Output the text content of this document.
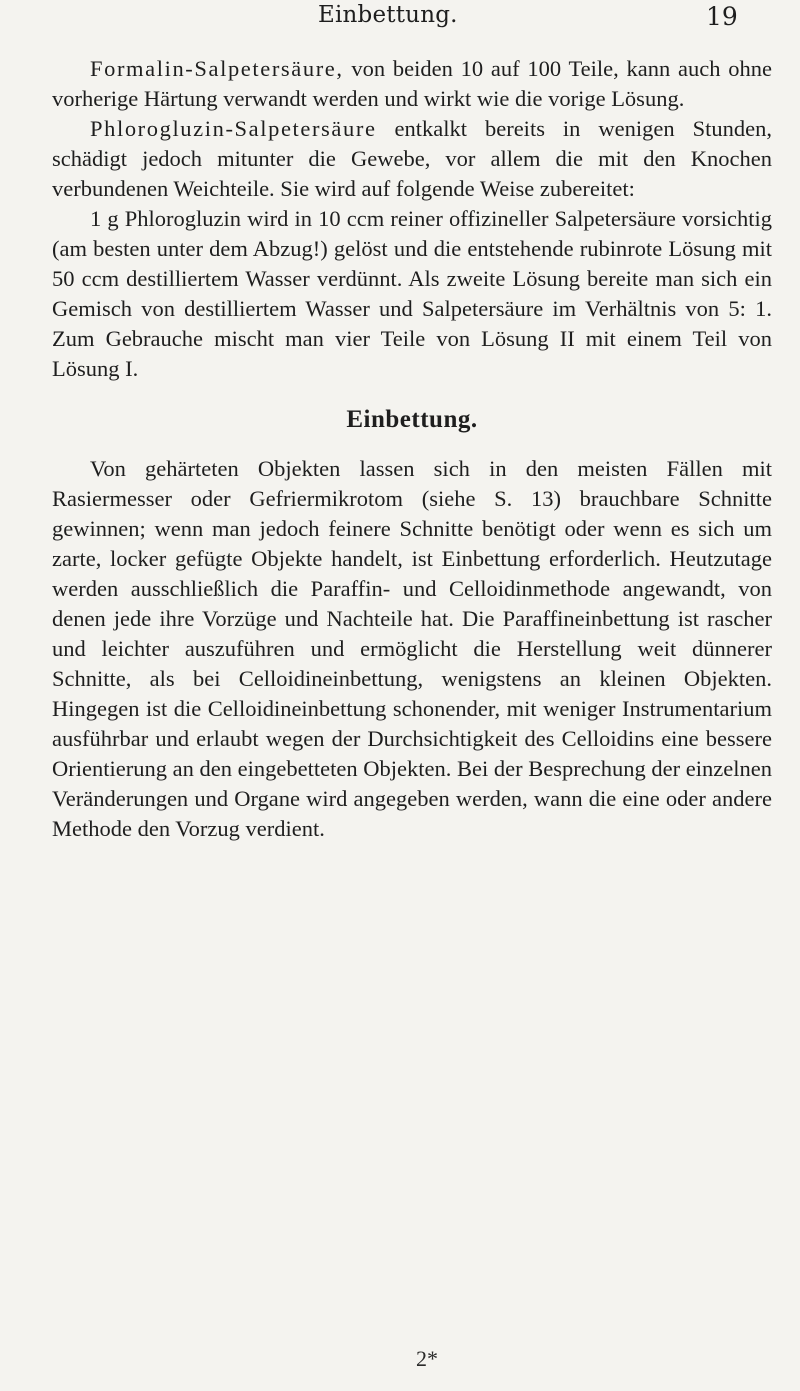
Einbettung.	19

Formalin-Salpetersäure, von beiden 10 auf 100 Teile, kann auch ohne vorherige Härtung verwandt werden und wirkt wie die vorige Lösung.

Phlorogluzin-Salpetersäure entkalkt bereits in wenigen Stunden, schädigt jedoch mitunter die Gewebe, vor allem die mit den Knochen verbundenen Weichteile. Sie wird auf folgende Weise zubereitet:

1 g Phlorogluzin wird in 10 ccm reiner offizineller Salpetersäure vorsichtig (am besten unter dem Abzug!) gelöst und die entstehende rubinrote Lösung mit 50 ccm destilliertem Wasser verdünnt. Als zweite Lösung bereite man sich ein Gemisch von destilliertem Wasser und Salpetersäure im Verhältnis von 5: 1. Zum Gebrauche mischt man vier Teile von Lösung II mit einem Teil von Lösung I.

Einbettung.

Von gehärteten Objekten lassen sich in den meisten Fällen mit Rasiermesser oder Gefriermikrotom (siehe S. 13) brauchbare Schnitte gewinnen; wenn man jedoch feinere Schnitte benötigt oder wenn es sich um zarte, locker gefügte Objekte handelt, ist Einbettung erforderlich. Heutzutage werden ausschließlich die Paraffin- und Celloidinmethode angewandt, von denen jede ihre Vorzüge und Nachteile hat. Die Paraffineinbettung ist rascher und leichter auszuführen und ermöglicht die Herstellung weit dünnerer Schnitte, als bei Celloidineinbettung, wenigstens an kleinen Objekten. Hingegen ist die Celloidineinbettung schonender, mit weniger Instrumentarium ausführbar und erlaubt wegen der Durchsichtigkeit des Celloidins eine bessere Orientierung an den eingebetteten Objekten. Bei der Besprechung der einzelnen Veränderungen und Organe wird angegeben werden, wann die eine oder andere Methode den Vorzug verdient.

2*
